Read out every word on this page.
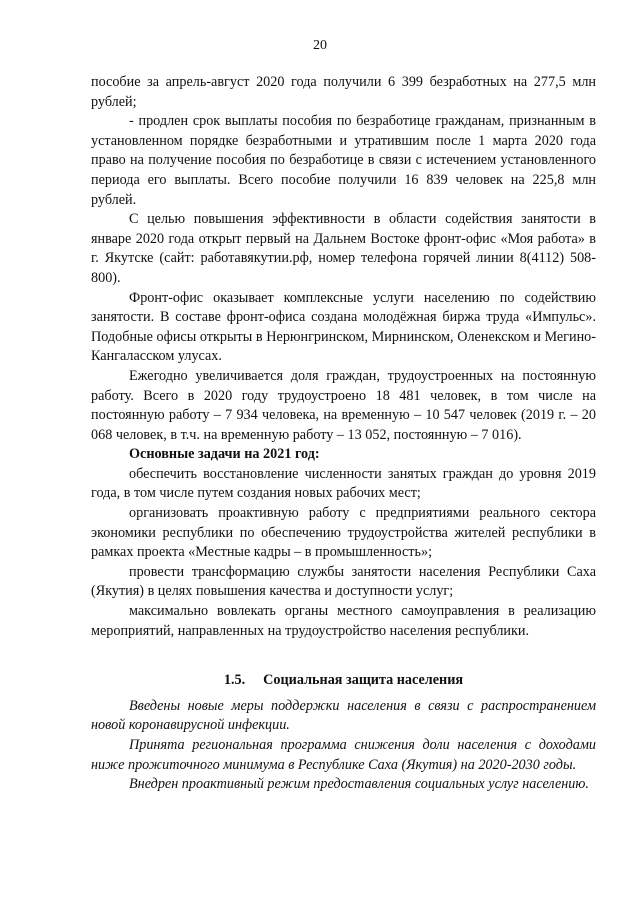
20

пособие за апрель-август 2020 года получили 6 399 безработных на 277,5 млн рублей;

- продлен срок выплаты пособия по безработице гражданам, признанным в установленном порядке безработными и утратившим после 1 марта 2020 года право на получение пособия по безработице в связи с истечением установленного периода его выплаты. Всего пособие получили 16 839 человек на 225,8 млн рублей.

С целью повышения эффективности в области содействия занятости в январе 2020 года открыт первый на Дальнем Востоке фронт-офис «Моя работа» в г. Якутске (сайт: работавякутии.рф, номер телефона горячей линии 8(4112) 508-800).

Фронт-офис оказывает комплексные услуги населению по содействию занятости. В составе фронт-офиса создана молодёжная биржа труда «Импульс». Подобные офисы открыты в Нерюнгринском, Мирнинском, Оленекском и Мегино-Кангаласском улусах.

Ежегодно увеличивается доля граждан, трудоустроенных на постоянную работу. Всего в 2020 году трудоустроено 18 481 человек, в том числе на постоянную работу – 7 934 человека, на временную – 10 547 человек (2019 г. – 20 068 человек, в т.ч. на временную работу – 13 052, постоянную – 7 016).

Основные задачи на 2021 год:

обеспечить восстановление численности занятых граждан до уровня 2019 года, в том числе путем создания новых рабочих мест;

организовать проактивную работу с предприятиями реального сектора экономики республики по обеспечению трудоустройства жителей республики в рамках проекта «Местные кадры – в промышленность»;

провести трансформацию службы занятости населения Республики Саха (Якутия) в целях повышения качества и доступности услуг;

максимально вовлекать органы местного самоуправления в реализацию мероприятий, направленных на трудоустройство населения республики.

1.5. Социальная защита населения

Введены новые меры поддержки населения в связи с распространением новой коронавирусной инфекции.

Принята региональная программа снижения доли населения с доходами ниже прожиточного минимума в Республике Саха (Якутия) на 2020-2030 годы.

Внедрен проактивный режим предоставления социальных услуг населению.
